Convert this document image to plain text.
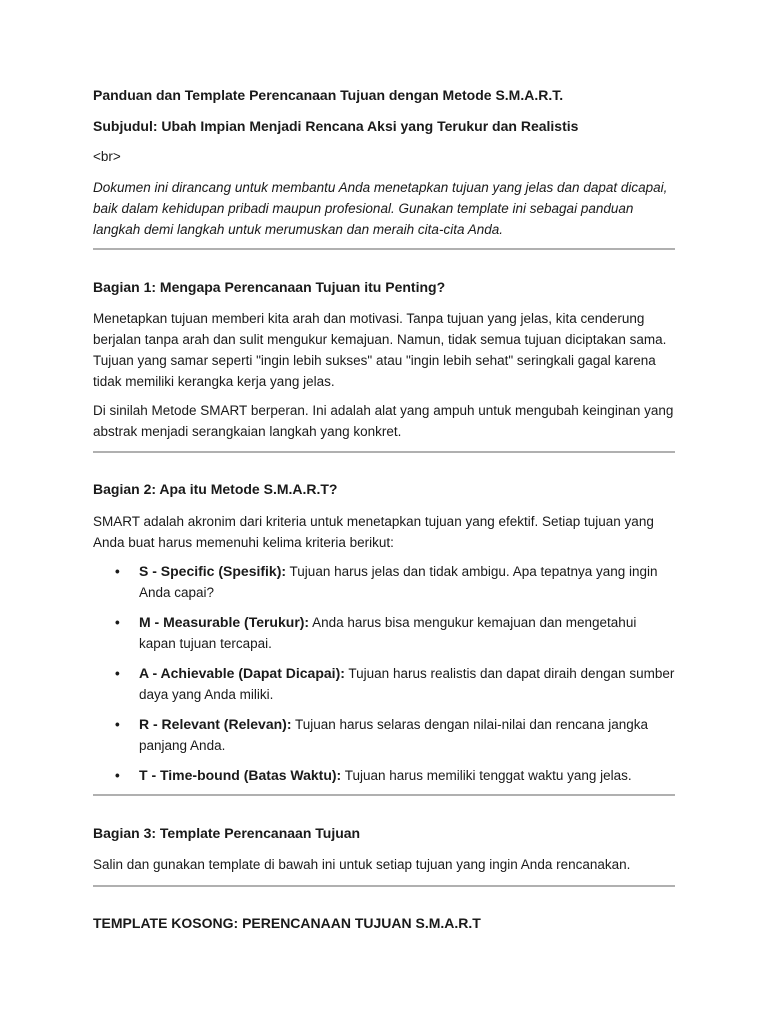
Panduan dan Template Perencanaan Tujuan dengan Metode S.M.A.R.T.
Subjudul: Ubah Impian Menjadi Rencana Aksi yang Terukur dan Realistis
<br>
Dokumen ini dirancang untuk membantu Anda menetapkan tujuan yang jelas dan dapat dicapai, baik dalam kehidupan pribadi maupun profesional. Gunakan template ini sebagai panduan langkah demi langkah untuk merumuskan dan meraih cita-cita Anda.
Bagian 1: Mengapa Perencanaan Tujuan itu Penting?
Menetapkan tujuan memberi kita arah dan motivasi. Tanpa tujuan yang jelas, kita cenderung berjalan tanpa arah dan sulit mengukur kemajuan. Namun, tidak semua tujuan diciptakan sama. Tujuan yang samar seperti "ingin lebih sukses" atau "ingin lebih sehat" seringkali gagal karena tidak memiliki kerangka kerja yang jelas.
Di sinilah Metode SMART berperan. Ini adalah alat yang ampuh untuk mengubah keinginan yang abstrak menjadi serangkaian langkah yang konkret.
Bagian 2: Apa itu Metode S.M.A.R.T?
SMART adalah akronim dari kriteria untuk menetapkan tujuan yang efektif. Setiap tujuan yang Anda buat harus memenuhi kelima kriteria berikut:
• S - Specific (Spesifik): Tujuan harus jelas dan tidak ambigu. Apa tepatnya yang ingin Anda capai?
• M - Measurable (Terukur): Anda harus bisa mengukur kemajuan dan mengetahui kapan tujuan tercapai.
• A - Achievable (Dapat Dicapai): Tujuan harus realistis dan dapat diraih dengan sumber daya yang Anda miliki.
• R - Relevant (Relevan): Tujuan harus selaras dengan nilai-nilai dan rencana jangka panjang Anda.
• T - Time-bound (Batas Waktu): Tujuan harus memiliki tenggat waktu yang jelas.
Bagian 3: Template Perencanaan Tujuan
Salin dan gunakan template di bawah ini untuk setiap tujuan yang ingin Anda rencanakan.
TEMPLATE KOSONG: PERENCANAAN TUJUAN S.M.A.R.T
